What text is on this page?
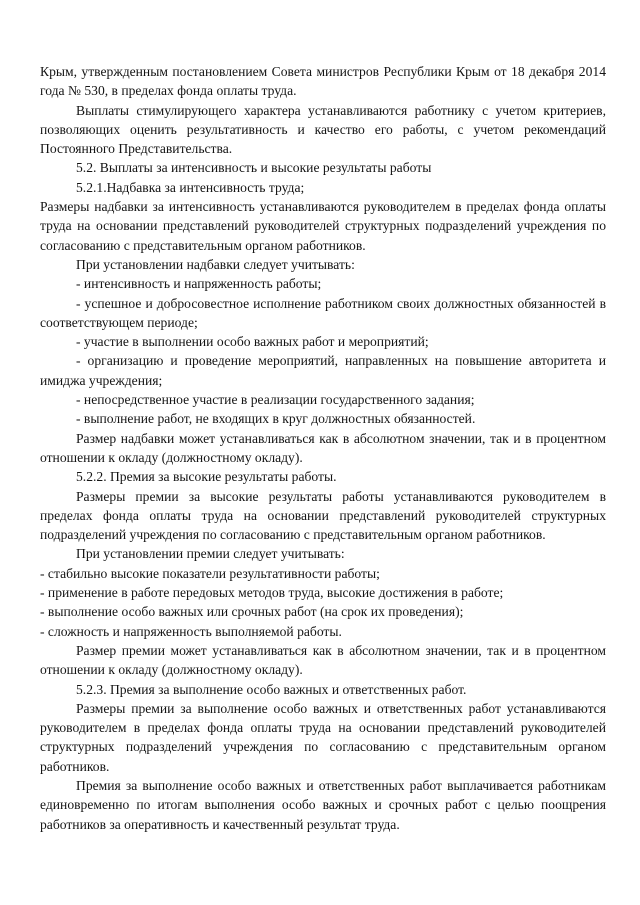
Крым, утвержденным постановлением Совета министров Республики Крым от 18 декабря 2014 года № 530, в пределах фонда оплаты труда.

Выплаты стимулирующего характера устанавливаются работнику с учетом критериев, позволяющих оценить результативность и качество его работы, с учетом рекомендаций Постоянного Представительства.

5.2. Выплаты за интенсивность и высокие результаты работы

5.2.1.Надбавка за интенсивность труда;

Размеры надбавки за интенсивность устанавливаются руководителем в пределах фонда оплаты труда на основании представлений руководителей структурных подразделений учреждения по согласованию с представительным органом работников.

При установлении надбавки следует учитывать:

- интенсивность и напряженность работы;

- успешное и добросовестное исполнение работником своих должностных обязанностей в соответствующем периоде;

- участие в выполнении особо важных работ и мероприятий;

- организацию и проведение мероприятий, направленных на повышение авторитета и имиджа учреждения;

- непосредственное участие в реализации государственного задания;

- выполнение работ, не входящих в круг должностных обязанностей.

Размер надбавки может устанавливаться как в абсолютном значении, так и в процентном отношении к окладу (должностному окладу).

5.2.2. Премия за высокие результаты работы.

Размеры премии за высокие результаты работы устанавливаются руководителем в пределах фонда оплаты труда на основании представлений руководителей структурных подразделений учреждения по согласованию с представительным органом работников.

При установлении премии следует учитывать:

- стабильно высокие показатели результативности работы;

- применение в работе передовых методов труда, высокие достижения в работе;

- выполнение особо важных или срочных работ (на срок их проведения);

- сложность и напряженность выполняемой работы.

Размер премии может устанавливаться как в абсолютном значении, так и в процентном отношении к окладу (должностному окладу).

5.2.3. Премия за выполнение особо важных и ответственных работ.

Размеры премии за выполнение особо важных и ответственных работ устанавливаются руководителем в пределах фонда оплаты труда на основании представлений руководителей структурных подразделений учреждения по согласованию с представительным органом работников.

Премия за выполнение особо важных и ответственных работ выплачивается работникам единовременно по итогам выполнения особо важных и срочных работ с целью поощрения работников за оперативность и качественный результат труда.
